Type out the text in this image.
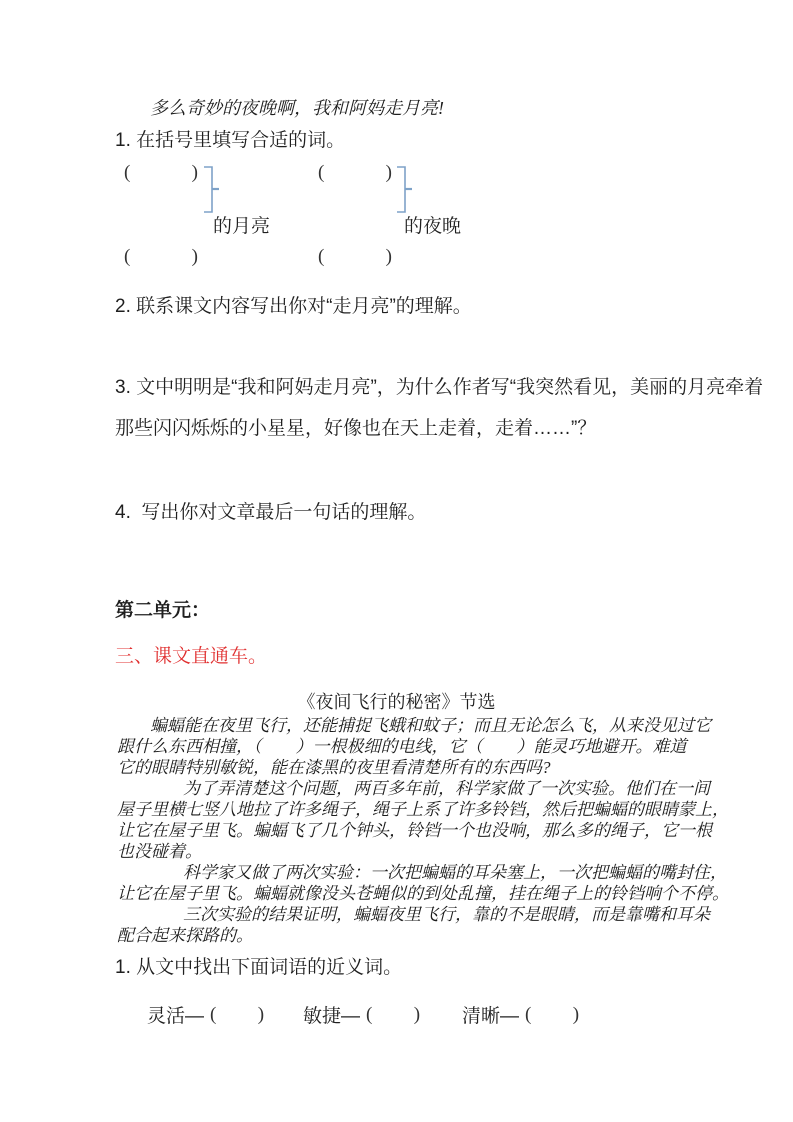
多么奇妙的夜晚啊，我和阿妈走月亮!
1. 在括号里填写合适的词。
(	)
的月亮
(	)
(	)
的夜晚
(	)
2. 联系课文内容写出你对“走月亮”的理解。
3. 文中明明是“我和阿妈走月亮”，为什么作者写“我突然看见，美丽的月亮牵着
那些闪闪烁烁的小星星，好像也在天上走着，走着……”？
4.  写出你对文章最后一句话的理解。
第二单元：
三、课文直通车。
《夜间飞行的秘密》节选
蝙蝠能在夜里飞行，还能捕捉飞蛾和蚊子；而且无论怎么飞，从来没见过它
跟什么东西相撞，（　　）一根极细的电线，它（　　）能灵巧地避开。难道
它的眼睛特别敏锐，能在漆黑的夜里看清楚所有的东西吗?
为了弄清楚这个问题，两百多年前，科学家做了一次实验。他们在一间
屋子里横七竖八地拉了许多绳子，绳子上系了许多铃铛，然后把蝙蝠的眼睛蒙上，
让它在屋子里飞。蝙蝠飞了几个钟头，铃铛一个也没响，那么多的绳子，它一根
也没碰着。
科学家又做了两次实验：一次把蝙蝠的耳朵塞上，一次把蝙蝠的嘴封住，
让它在屋子里飞。蝙蝠就像没头苍蝇似的到处乱撞，挂在绳子上的铃铛响个不停。
三次实验的结果证明，蝙蝠夜里飞行，靠的不是眼睛，而是靠嘴和耳朵
配合起来探路的。
1. 从文中找出下面词语的近义词。
灵活— ( ) 敏捷— ( ) 清晰— ( )
